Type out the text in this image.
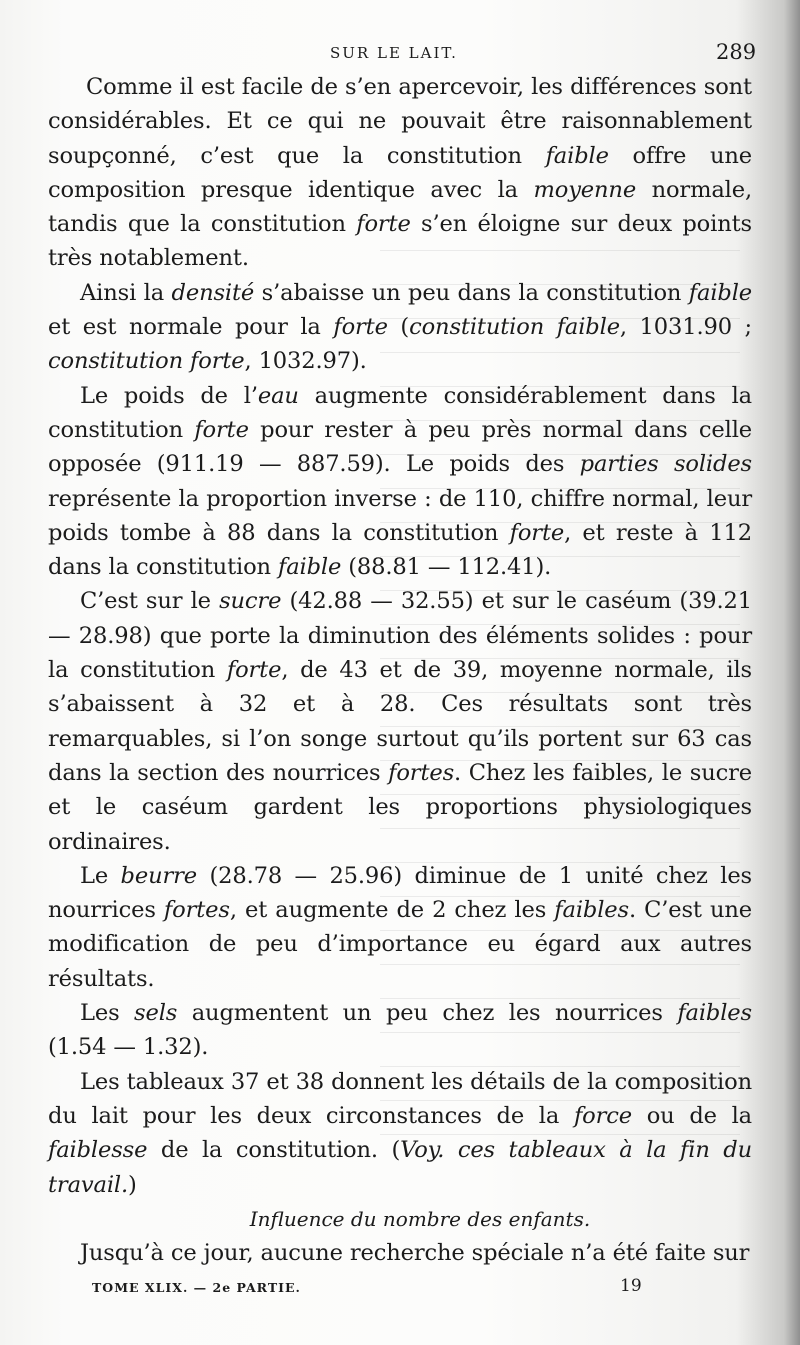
SUR LE LAIT.	289

Comme il est facile de s’en apercevoir, les différences sont considérables. Et ce qui ne pouvait être raisonnablement soupçonné, c’est que la constitution faible offre une composition presque identique avec la moyenne normale, tandis que la constitution forte s’en éloigne sur deux points très notablement.

Ainsi la densité s’abaisse un peu dans la constitution faible et est normale pour la forte (constitution faible, 1031.90 ; constitution forte, 1032.97).

Le poids de l’eau augmente considérablement dans la constitution forte pour rester à peu près normal dans celle opposée (911.19 — 887.59). Le poids des parties solides représente la proportion inverse : de 110, chiffre normal, leur poids tombe à 88 dans la constitution forte, et reste à 112 dans la constitution faible (88.81 — 112.41).

C’est sur le sucre (42.88 — 32.55) et sur le caséum (39.21— 28.98) que porte la diminution des éléments solides : pour la constitution forte, de 43 et de 39, moyenne normale, ils s’abaissent à 32 et à 28. Ces résultats sont très remarquables, si l’on songe surtout qu’ils portent sur 63 cas dans la section des nourrices fortes. Chez les faibles, le sucre et le caséum gardent les proportions physiologiques ordinaires.

Le beurre (28.78 — 25.96) diminue de 1 unité chez les nourrices fortes, et augmente de 2 chez les faibles. C’est une modification de peu d’importance eu égard aux autres résultats.

Les sels augmentent un peu chez les nourrices faibles (1.54 — 1.32).

Les tableaux 37 et 38 donnent les détails de la composition du lait pour les deux circonstances de la force ou de la faiblesse de la constitution. (Voy. ces tableaux à la fin du travail.)

Influence du nombre des enfants.

Jusqu’à ce jour, aucune recherche spéciale n’a été faite sur

TOME XLIX. — 2e PARTIE.	19
